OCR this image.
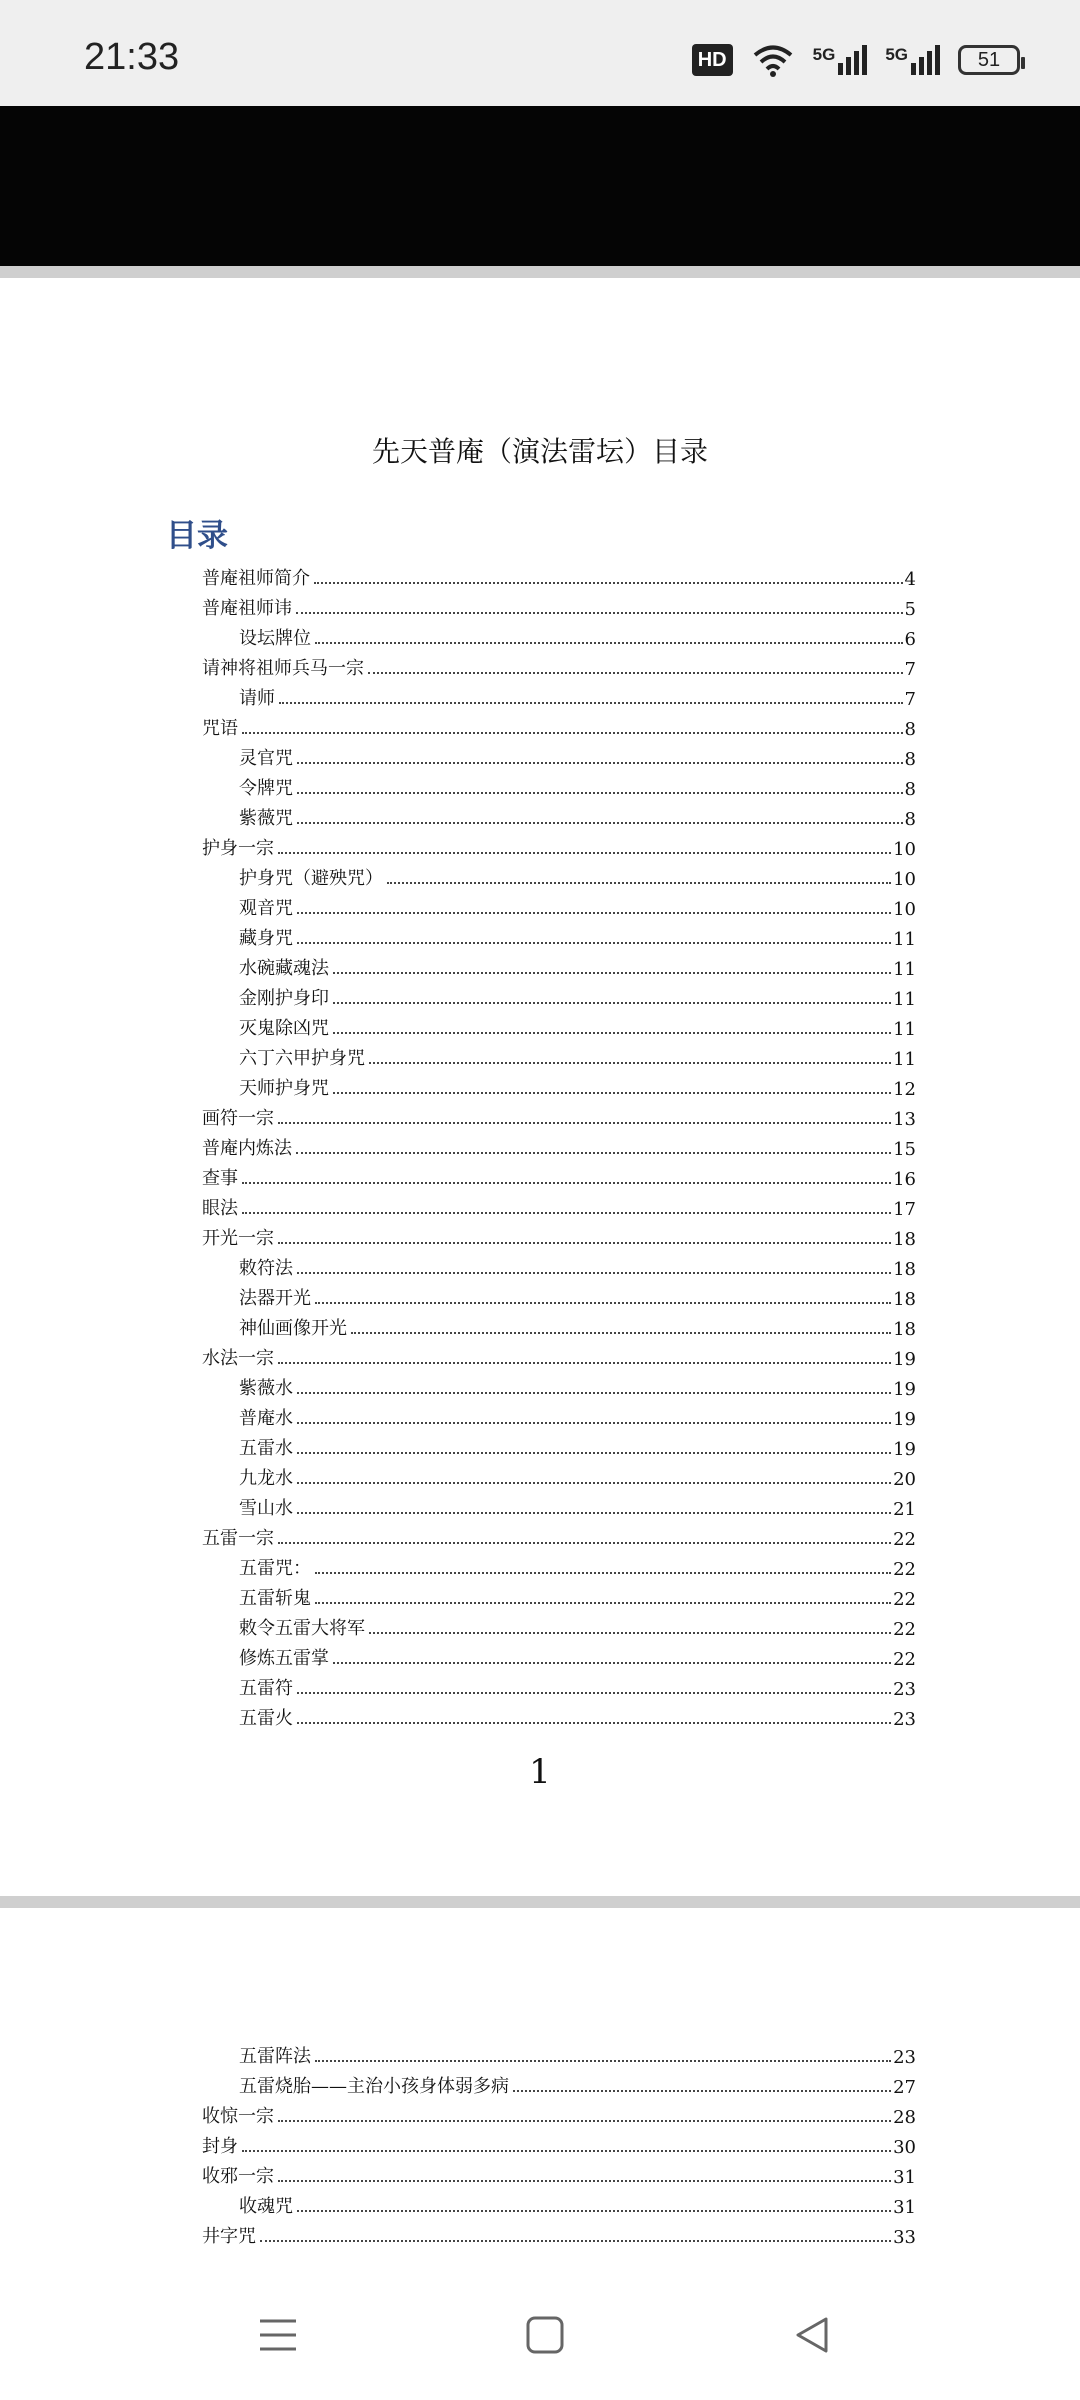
21:33	HD	5G	5G	51
先天普庵（演法雷坛）目录
目录
普庵祖师简介	4
普庵祖师讳	5
设坛牌位	6
请神将祖师兵马一宗	7
请师	7
咒语	8
灵官咒	8
令牌咒	8
紫薇咒	8
护身一宗	10
护身咒（避殃咒）	10
观音咒	10
藏身咒	11
水碗藏魂法	11
金刚护身印	11
灭鬼除凶咒	11
六丁六甲护身咒	11
天师护身咒	12
画符一宗	13
普庵内炼法	15
查事	16
眼法	17
开光一宗	18
敕符法	18
法器开光	18
神仙画像开光	18
水法一宗	19
紫薇水	19
普庵水	19
五雷水	19
九龙水	20
雪山水	21
五雷一宗	22
五雷咒：	22
五雷斩鬼	22
敕令五雷大将军	22
修炼五雷掌	22
五雷符	23
五雷火	23
1
五雷阵法	23
五雷烧胎——主治小孩身体弱多病	27
收惊一宗	28
封身	30
收邪一宗	31
收魂咒	31
井字咒	33
